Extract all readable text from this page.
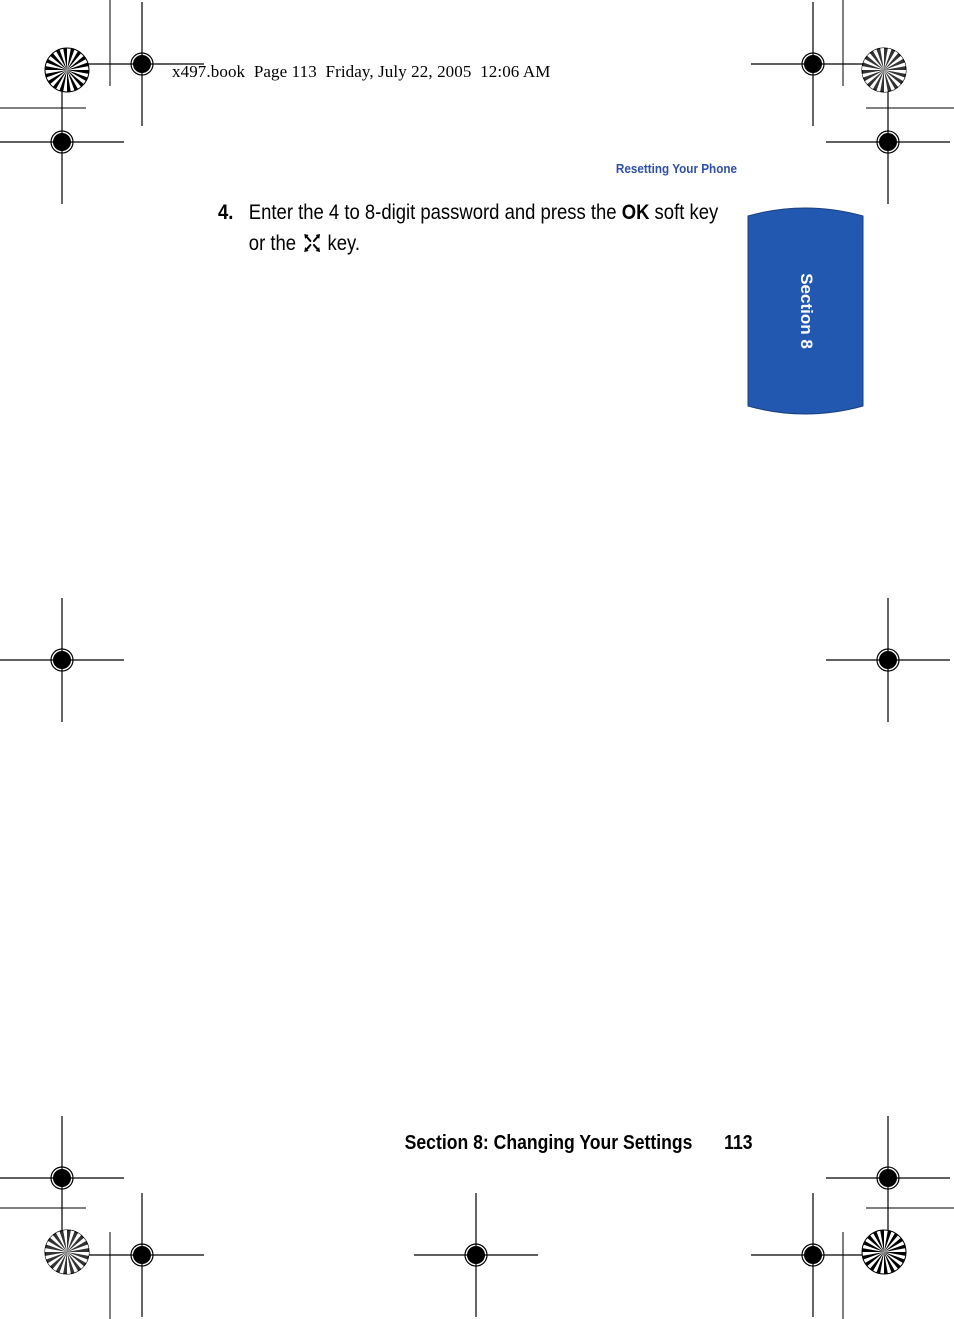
x497.book  Page 113  Friday, July 22, 2005  12:06 AM
Resetting Your Phone
4. Enter the 4 to 8-digit password and press the OK soft key or the  key.
Section 8
Section 8: Changing Your Settings 113
